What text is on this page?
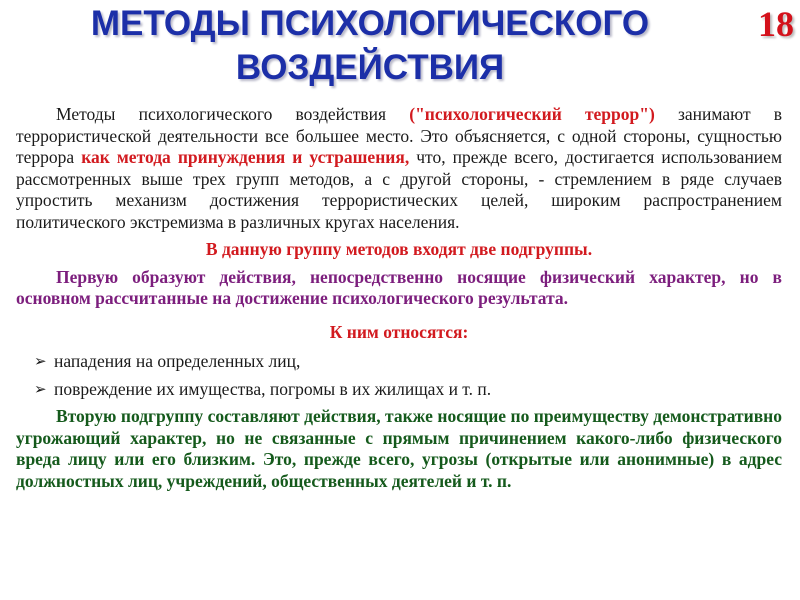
МЕТОДЫ ПСИХОЛОГИЧЕСКОГО
ВОЗДЕЙСТВИЯ
18

Методы психологического воздействия ("психологический террор") занимают в террористической деятельности все большее место. Это объясняется, с одной стороны, сущностью террора как метода принуждения и устрашения, что, прежде всего, достигается использованием рассмотренных выше трех групп методов, а с другой стороны, - стремлением в ряде случаев упростить механизм достижения террористических целей, широким распространением политического экстремизма в различных кругах населения.

В данную группу методов входят две подгруппы.

Первую образуют действия, непосредственно носящие физический характер, но в основном рассчитанные на достижение психологического результата.

К ним относятся:

➢ нападения на определенных лиц,
➢ повреждение их имущества, погромы в их жилищах и т. п.

Вторую подгруппу составляют действия, также носящие по преимуществу демонстративно угрожающий характер, но не связанные с прямым причинением какого-либо физического вреда лицу или его близким. Это, прежде всего, угрозы (открытые или анонимные) в адрес должностных лиц, учреждений, общественных деятелей и т. п.
